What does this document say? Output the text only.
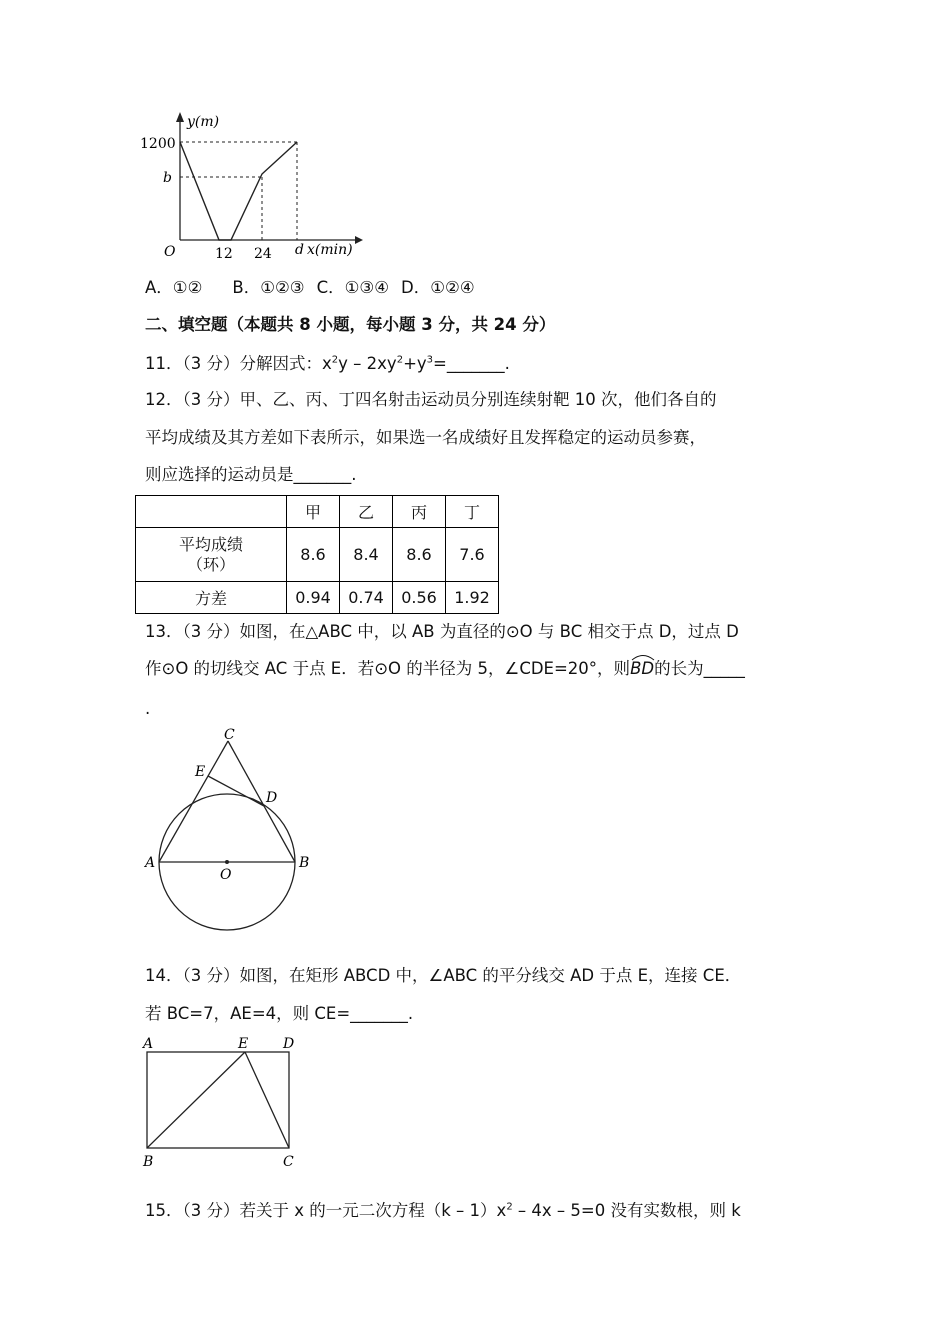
y(m)
1200
b
O	12 24 d x(min)
A．①② B．①②③ C．①③④ D．①②④
二、填空题（本题共 8 小题，每小题 3 分，共 24 分）
11．（3 分）分解因式：$x^2y$ – $2xy^2+y^3=\_\_\_\_\_\_\_$.
12．（3 分）甲、乙、丙、丁四名射击运动员分别连续射靶 10 次，他们各自的
平均成绩及其方差如下表所示，如果选一名成绩好且发挥稳定的运动员参赛，
则应选择的运动员是_______.
	甲	乙	丙	丁

平均成绩
（环）	8.6	8.4	8.6	7.6
方差	0.94	0.74	0.56	1.92
13．（3 分）如图，在△ABC 中，以 AB 为直径的⊙O 与 BC 相交于点 D，过点 D
作⊙O 的切线交 AC 于点 E．若⊙O 的半径为 5，∠CDE=20°，则BD
的长为_____
.
C
E
D
A
O
B
14．（3 分）如图，在矩形 ABCD 中，∠ABC 的平分线交 AD 于点 E，连接 CE．
若 BC=7，AE=4，则 CE=_______.
A	E D
B	C
15．（3 分）若关于 x 的一元二次方程$(k - 1)x^2 - 4x - 5=0$ 没有实数根，则 k
